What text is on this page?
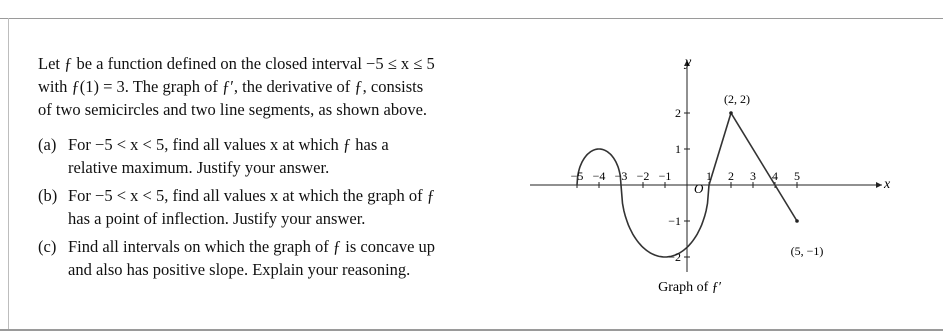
Let ƒ be a function defined on the closed interval −5 ≤ x ≤ 5
with ƒ(1) = 3. The graph of ƒ′, the derivative of ƒ, consists
of two semicircles and two line segments, as shown above.

(a) For −5 < x < 5, find all values x at which ƒ has a
relative maximum. Justify your answer.

(b) For −5 < x < 5, find all values x at which the graph of ƒ
has a point of inflection. Justify your answer.

(c) Find all intervals on which the graph of ƒ is concave up
and also has positive slope. Explain your reasoning.

−5 −4 −3 −2 −1	1 2 3 4 5
2
1
−1
−2
(2, 2)
(5, −1)
x
y
O
Graph of ƒ′
